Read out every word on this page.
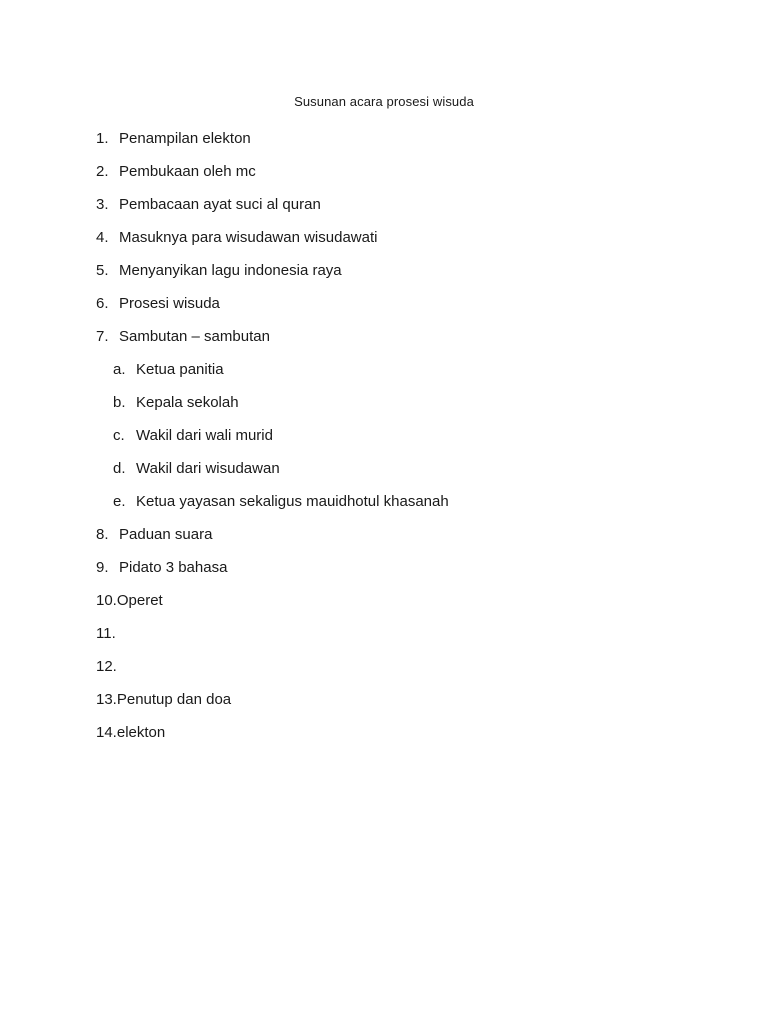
Susunan acara prosesi wisuda
1. Penampilan elekton
2. Pembukaan oleh mc
3. Pembacaan ayat suci al quran
4. Masuknya para wisudawan wisudawati
5. Menyanyikan lagu indonesia raya
6. Prosesi wisuda
7. Sambutan – sambutan
a. Ketua panitia
b. Kepala sekolah
c. Wakil dari wali murid
d. Wakil dari wisudawan
e. Ketua yayasan sekaligus mauidhotul khasanah
8. Paduan suara
9. Pidato 3 bahasa
10.Operet
11.
12.
13.Penutup dan doa
14.elekton
